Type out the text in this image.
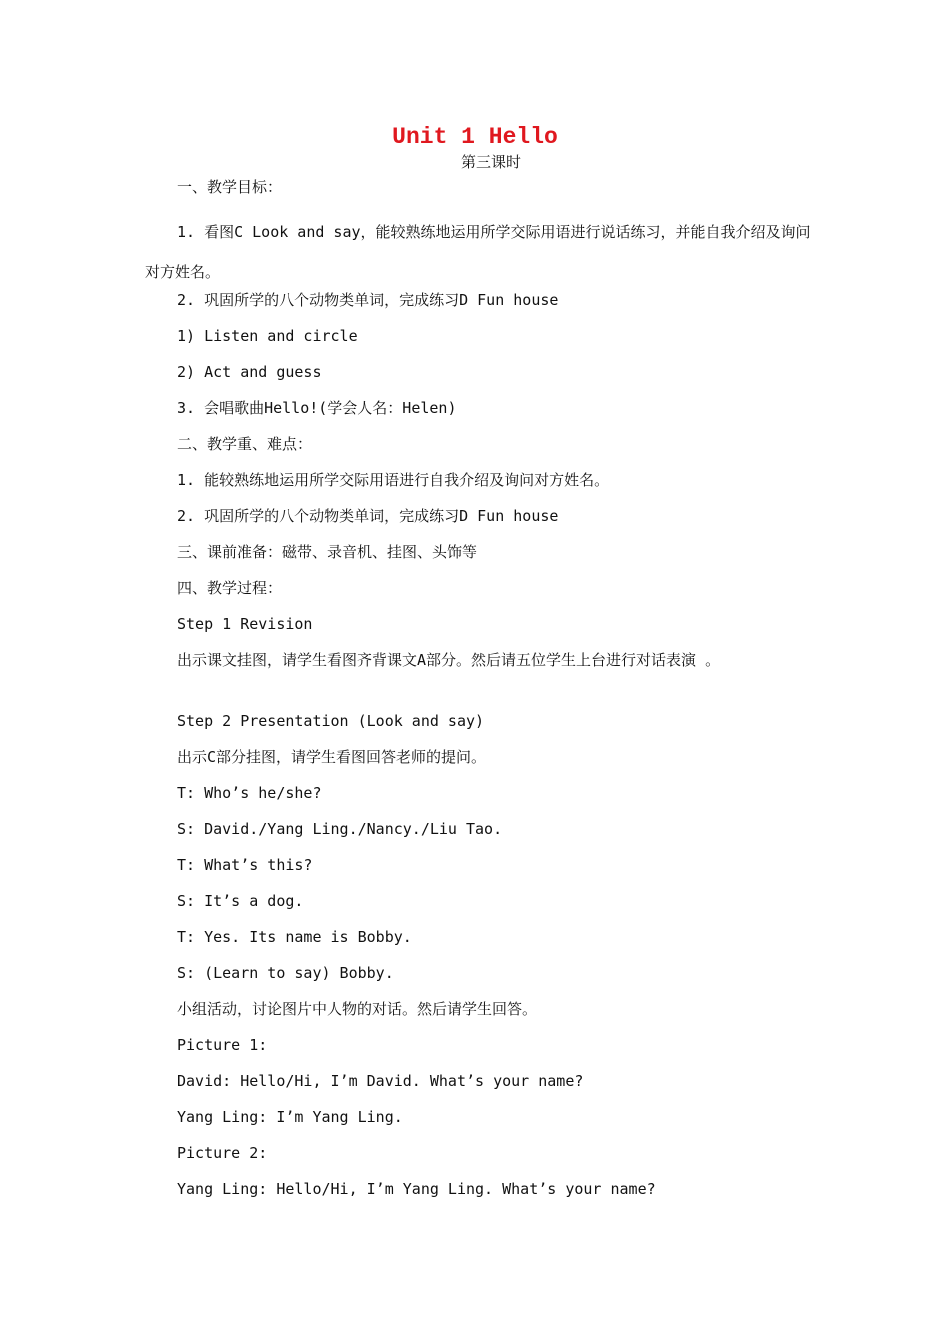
Unit 1 Hello
第三课时
一、教学目标：
1. 看图C Look and say，能较熟练地运用所学交际用语进行说话练习，并能自我介绍及询问对方姓名。
2. 巩固所学的八个动物类单词，完成练习D Fun house
1) Listen and circle
2) Act and guess
3. 会唱歌曲Hello!(学会人名：Helen)
二、教学重、难点：
1. 能较熟练地运用所学交际用语进行自我介绍及询问对方姓名。
2. 巩固所学的八个动物类单词，完成练习D Fun house
三、课前准备：磁带、录音机、挂图、头饰等
四、教学过程：
Step 1 Revision
出示课文挂图，请学生看图齐背课文A部分。然后请五位学生上台进行对话表演 。
Step 2 Presentation (Look and say)
出示C部分挂图，请学生看图回答老师的提问。
T: Who’s he/she?
S: David./Yang Ling./Nancy./Liu Tao.
T: What’s this?
S: It’s a dog.
T: Yes. Its name is Bobby.
S: (Learn to say) Bobby.
小组活动，讨论图片中人物的对话。然后请学生回答。
Picture 1:
David: Hello/Hi, I’m David. What’s your name?
Yang Ling: I’m Yang Ling.
Picture 2:
Yang Ling: Hello/Hi, I’m Yang Ling. What’s your name?
